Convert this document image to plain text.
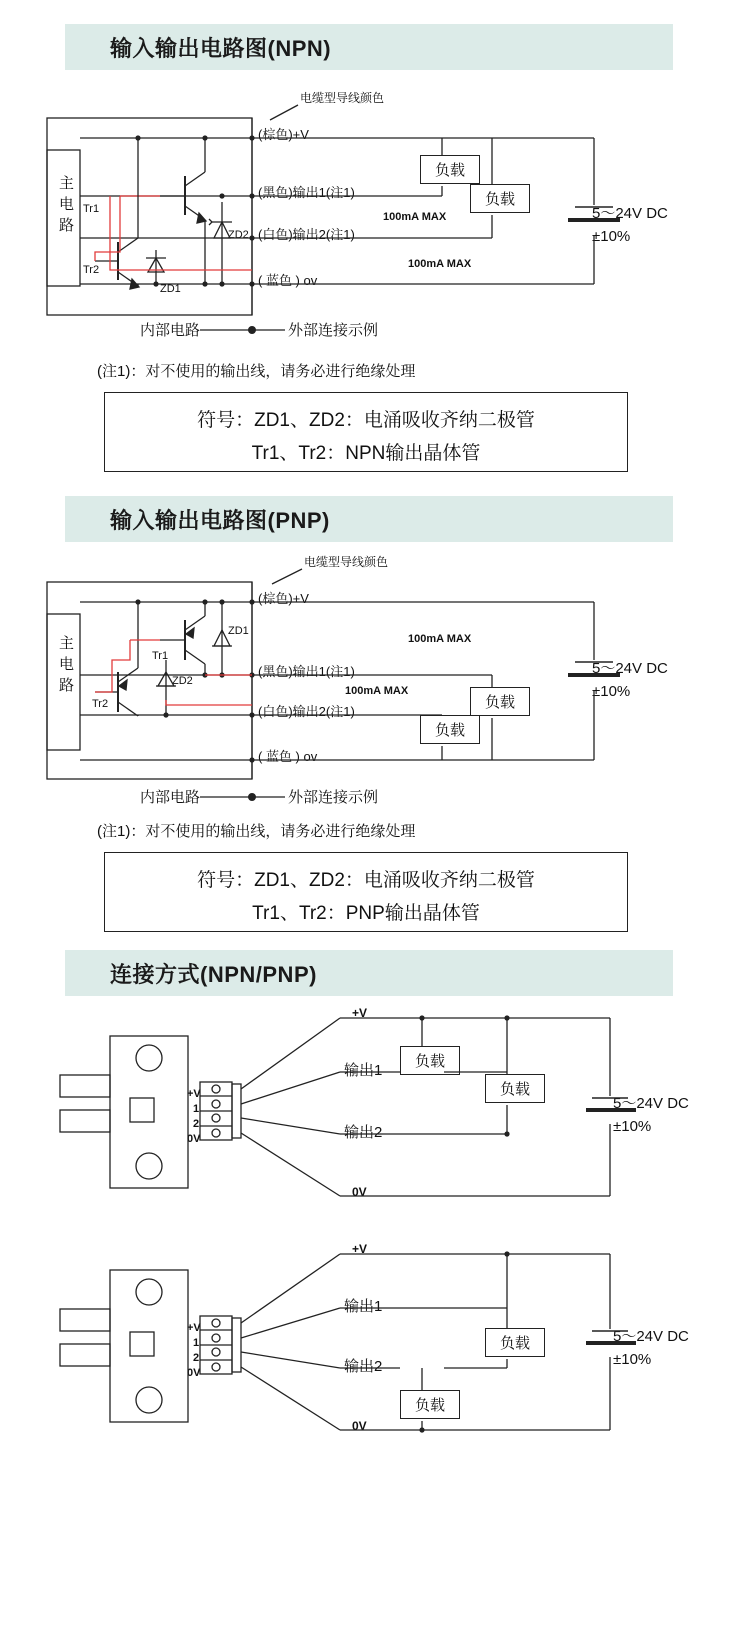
输入输出电路图(NPN)
输入输出电路图(PNP)
连接方式(NPN/PNP)
电缆型导线颜色
主电路
(棕色)+V
(黑色)输出1(注1)
(白色)输出2(注1)
( 蓝色 ) ov
100mA MAX
100mA MAX
负载
负载
5～24V DC
±10%
Tr1
Tr2
ZD2
ZD1
内部电路	外部连接示例
(注1)：对不使用的输出线，请务必进行绝缘处理
符号：ZD1、ZD2：电涌吸收齐纳二极管
Tr1、Tr2：NPN输出晶体管
电缆型导线颜色
主电路
(棕色)+V
(黑色)输出1(注1)
(白色)输出2(注1)
( 蓝色 ) ov
100mA MAX
100mA MAX
负载
负载
5～24V DC
±10%
Tr1
Tr2
ZD1
ZD2
内部电路	外部连接示例
(注1)：对不使用的输出线，请务必进行绝缘处理
符号：ZD1、ZD2：电涌吸收齐纳二极管
Tr1、Tr2：PNP输出晶体管
+V
输出1
输出2
0V
负载
负载
+V
1
2
0V
5～24V DC
±10%
+V
输出1
输出2
0V
负载
负载
+V
1
2
0V
5～24V DC
±10%
